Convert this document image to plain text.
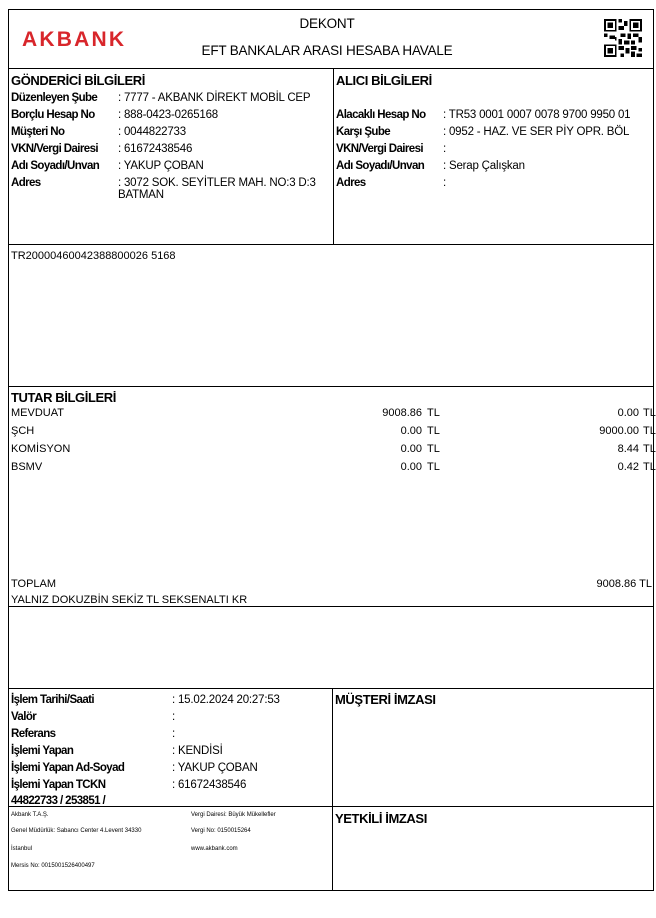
AKBANK
DEKONT
EFT BANKALAR ARASI HESABA HAVALE
GÖNDERİCİ BİLGİLERİ
Düzenleyen Şube : 7777 - AKBANK DİREKT MOBİL CEP
Borçlu Hesap No : 888-0423-0265168
Müşteri No	: 0044822733
VKN/Vergi Dairesi : 61672438546
Adı Soyadı/Unvan : YAKUP ÇOBAN
Adres	: 3072 SOK. SEYİTLER MAH. NO:3 D:3
BATMAN
ALICI BİLGİLERİ
Alacaklı Hesap No : TR53 0001 0007 0078 9700 9950 01
Karşı Şube	: 0952 - HAZ. VE SER PİY OPR. BÖL
VKN/Vergi Dairesi :
Adı Soyadı/Unvan : Serap Çalışkan
Adres	:
TR20000460042388800026 5168
TUTAR BİLGİLERİ
MEVDUAT	9008.86 TL	0.00 TL
ŞCH	0.00 TL	9000.00 TL
KOMİSYON	0.00 TL	8.44 TL
BSMV	0.00 TL	0.42 TL
TOPLAM	9008.86 TL
YALNIZ DOKUZBİN SEKİZ TL SEKSENALTI KR
İşlem Tarihi/Saati	: 15.02.2024 20:27:53
Valör	:
Referans	:
İşlemi Yapan	: KENDİSİ
İşlemi Yapan Ad-Soyad	: YAKUP ÇOBAN
İşlemi Yapan TCKN	: 61672438546
44822733 / 253851 /
MÜŞTERİ İMZASI
YETKİLİ İMZASI
Akbank T.A.Ş.
Genel Müdürlük: Sabancı Center 4.Levent 34330
İstanbul
Mersis No: 0015001526400497
Vergi Dairesi: Büyük Mükellefler
Vergi No: 0150015264
www.akbank.com
